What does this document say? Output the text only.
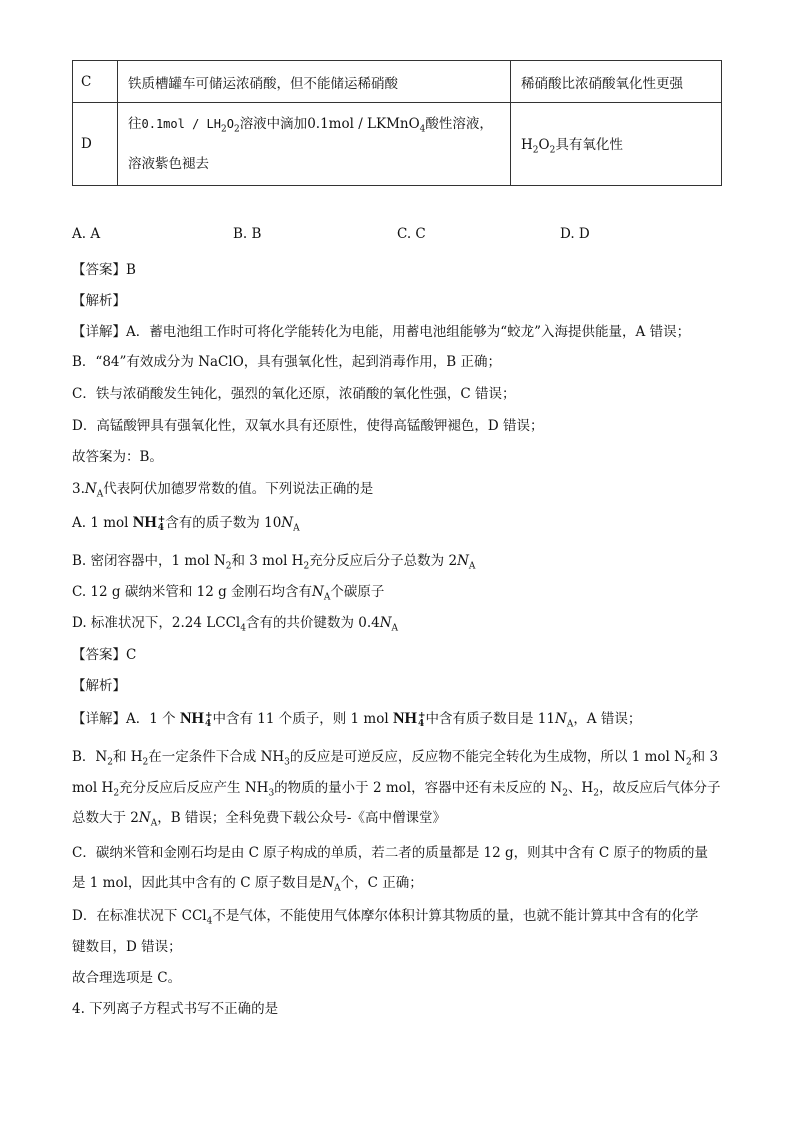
C	铁质槽罐车可储运浓硝酸，但不能储运稀硝酸	稀硝酸比浓硝酸氧化性更强
D	往$0.1mol / LH_2O_2$溶液中滴加0.1mol / LKMnO$_4$酸性溶液，
溶液紫色褪去	$H_2O_2$具有氧化性
A. A	B. B	C. C	D. D
【答案】B
【解析】
【详解】A．蓄电池组工作时可将化学能转化为电能，用蓄电池组能够为“蛟龙”入海提供能量，A 错误；
B．“84”有效成分为 NaClO，具有强氧化性，起到消毒作用，B 正确；
C．铁与浓硝酸发生钝化，强烈的氧化还原，浓硝酸的氧化性强，C 错误；
D．高锰酸钾具有强氧化性，双氧水具有还原性，使得高锰酸钾褪色，D 错误；
故答案为：B。
$3.N_A$代表阿伏加德罗常数的值。下列说法正确的是
A. 1 mol NH +
4 含有的质子数为 $10N_A$
B. 密闭容器中，1 mol $N_2$和 3 mol $H_2$充分反应后分子总数为 $2N_A$
C. 12 g 碳纳米管和 12 g 金刚石均含有$N_A$个碳原子
D. 标准状况下，2.24 LCCl$_4$含有的共价键数为 $0.4N_A$
【答案】C
【解析】
【详解】A．1 个 NH +
4 中含有 11 个质子，则 1 mol NH +
4 中含有质子数目是 $11N_A$，A 错误；
B．$N_2$和 $H_2$在一定条件下合成 $NH_3$的反应是可逆反应，反应物不能完全转化为生成物，所以 1 mol $N_2$和 3
mol $H_2$充分反应后反应产生 $NH_3$的物质的量小于 2 mol，容器中还有未反应的 $N_2$、$H_2$，故反应后气体分子
总数大于 $2N_A$，B 错误；全科免费下载公众号-《高中僧课堂》
C．碳纳米管和金刚石均是由 C 原子构成的单质，若二者的质量都是 12 g，则其中含有 C 原子的物质的量
是 1 mol，因此其中含有的 C 原子数目是$N_A$个，C 正确；
D．在标准状况下 CCl$_4$不是气体，不能使用气体摩尔体积计算其物质的量，也就不能计算其中含有的化学
键数目，D 错误；
故合理选项是 C。
4. 下列离子方程式书写不正确的是
